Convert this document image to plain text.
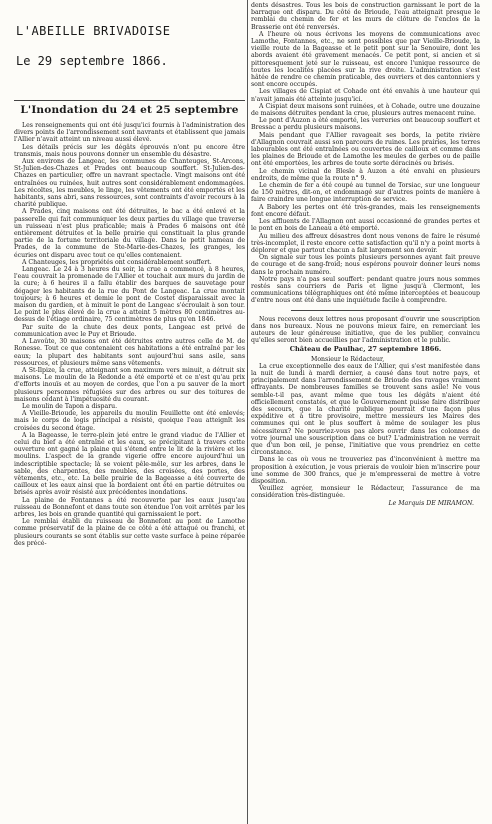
L'ABEILLE BRIVADOISE
Le 29 septembre 1866.
L'Inondation du 24 et 25 septembre

Les renseignements qui ont été jusqu'ici fournis à l'administration des divers points de l'arrondissement sont navrants et établissent que jamais l'Allier n'avait atteint un niveau aussi élevé.

Les détails précis sur les dégâts éprouvés n'ont pu encore être transmis, mais nous pouvons donner un ensemble du désastre.

Aux environs de Langeac, les communes de Chanteuges, St-Arcons, St-Julien-des-Chazes et Prades ont beaucoup souffert. St-Julien-des-Chazes en particulier, offre un navrant spectacle. Vingt maisons ont été entraînées ou ruinées, huit autres sont considérablement endommagées. Les récoltes, les meubles, le linge, les vêtements ont été emportés et les habitants, sans abri, sans ressources, sont contraints d'avoir recours à la charité publique.

A Prades, cinq maisons ont été détruites, le bac a été enlevé et la passerelle qui fait communiquer les deux parties du village que traverse un ruisseau n'est plus praticable; mais à Prades 6 maisons ont été entièrement détruites et la belle prairie qui constituait la plus grande partie de la fortune territoriale du village. Dans le petit hameau de Prades, de la commune de Ste-Marie-des-Chazes, les granges, les écuries ont disparu avec tout ce qu'elles contenaient.

A Chanteuges, les propriétés ont considérablement souffert.

Langeac. Le 24 à 3 heures du soir, la crue a commencé, à 8 heures, l'eau couvrait la promenade de l'Allier et touchait aux murs du jardin de la cure; à 6 heures il a fallu établir des barques de sauvetage pour dégager les habitants de la rue du Pont de Langeac. La crue montait toujours; à 6 heures et demie le pont de Costet disparaissait avec la maison du gardien, et à minuit le pont de Langeac s'écroulait à son tour. Le point le plus élevé de la crue a atteint 5 mètres 80 centimètres au-dessus de l'étiage ordinaire, 75 centimètres de plus qu'en 1846.

Par suite de la chute des deux ponts, Langeac est privé de communication avec le Puy et Brioude.

A Lavoûte, 30 maisons ont été détruites entre autres celle de M. de Ronesse. Tout ce que contenaient ces habitations a été entraîné par les eaux; la plupart des habitants sont aujourd'hui sans asile, sans ressources, et plusieurs même sans vêtements.

A St-Ilpize, la crue, atteignant son maximum vers minuit, a détruit six maisons. Le moulin de la Redonde a été emporté et ce n'est qu'au prix d'efforts inouïs et au moyen de cordes, que l'on a pu sauver de la mort plusieurs personnes réfugiées sur des arbres ou sur des toitures de maisons cédant à l'impétuosité du courant.

Le moulin de Tapon a disparu.

A Vieille-Brioude, les appareils du moulin Feuillette ont été enlevés; mais le corps de logis principal a résisté, quoique l'eau atteignît les croisées du second étage.

A la Bageasse, le terre-plein jeté entre le grand viaduc de l'Allier et celui du bief a été entraîné et les eaux, se précipitant à travers cette ouverture ont gagné la plaine qui s'étend entre le lit de la rivière et les moulins. L'aspect de la grande vigerie offre encore aujourd'hui un indescriptible spectacle; là se voient pêle-mêle, sur les arbres, dans le sable, des charpentes, des meubles, des croisées, des portes, des vêtements, etc., etc. La belle prairie de la Bageasse a été couverte de cailloux et les eaux ainsi que la bordaient ont été en partie détruites ou brisés après avoir résisté aux précédentes inondations.

La plaine de Fontannes a été recouverte par les eaux jusqu'au ruisseau de Bonnefont et dans toute son étendue l'on voit arrêtés par les arbres, les bois en grande quantité qui garnissaient le port.

Le remblai établi du ruisseau de Bonnefont au pont de Lamothe comme préservatif de la plaine de ce côté a été attaqué ou franchi, et plusieurs courants se sont établis sur cette vaste surface à peine réparée des précé-

dents désastres. Tous les bois de construction garnissant le port de la barraque ont disparu. Du côté de Brioude, l'eau atteignait presque le remblai du chemin de fer et les murs de clôture de l'enclos de la Brasserie ont été renversés.

A l'heure où nous écrivons les moyens de communications avec Lamothe, Fontannes, etc., ne sont possibles que par Vieille-Brioude, la vieille route de la Bageasse et le petit pont sur la Senouire, dont les abords avaient été gravement menacés. Ce petit pont, si ancien et si pittoresquement jeté sur le ruisseau, est encore l'unique ressource de toutes les localités placées sur la rive droite. L'administration s'est hâtée de rendre ce chemin praticable, des ouvriers et des cantonniers y sont encore occupés.

Les villages de Cispiat et Cohade ont été envahis à une hauteur qui n'avait jamais été atteinte jusqu'ici.

A Cispiat deux maisons sont ruinées, et à Cohade, outre une douzaine de maisons détruites pendant la crue, plusieurs autres menacent ruine.

Le pont d'Auzon a été emporté, les verreries ont beaucoup souffert et Bressac a perdu plusieurs maisons.

Mais pendant que l'Allier ravageait ses bords, la petite rivière d'Allagnon couvrait aussi son parcours de ruines. Les prairies, les terres labourables ont été entraînées ou couvertes de cailloux et comme dans les plaines de Brioude et de Lamothe les meules de gerbes ou de paille ont été emportées, les arbres de toute sorte déracinés ou brisés.

Le chemin vicinal de Blesle à Auzon a été envahi en plusieurs endroits, de même que la route n° 9.

Le chemin de fer a été coupé au tunnel de Torsiac, sur une longueur de 150 mètres, dit-on, et endommagé sur d'autres points de manière à faire craindre une longue interruption de service.

A Babory les pertes ont été très-grandes, mais les renseignements font encore défaut.

Les affluents de l'Allagnon ont aussi occasionné de grandes pertes et le pont en bois de Laneau a été emporté.

Au milieu des affreux désastres dont nous venons de faire le résumé très-incomplet, il reste encore cette satisfaction qu'il n'y a point morts à déplorer et que partout chacun a fait largement son devoir.

On signale sur tous les points plusieurs personnes ayant fait preuve de courage et de sang-froid; nous espérons pouvoir donner leurs noms dans le prochain numéro.

Notre pays n'a pas seul souffert: pendant quatre jours nous sommes restés sans courriers de Paris et ligne jusqu'à Clermont, les communications télégraphiques ont été même interceptées et beaucoup d'entre nous ont été dans une inquiétude facile à comprendre.

Nous recevons deux lettres nous proposant d'ouvrir une souscription dans nos bureaux. Nous ne pouvons mieux faire, en remerciant les auteurs de leur généreuse initiative, que de les publier, convaincu qu'elles seront bien accueillies par l'administration et le public.

Château de Paulhac, 27 septembre 1866.

Monsieur le Rédacteur,

La crue exceptionnelle des eaux de l'Allier, qui s'est manifestée dans la nuit de lundi à mardi dernier, a causé dans tout notre pays, et principalement dans l'arrondissement de Brioude des ravages vraiment effrayants. De nombreuses familles se trouvent sans asile! Ne vous semble-t-il pas, avant même que tous les dégâts n'aient été officiellement constatés, et que le Gouvernement puisse faire distribuer des secours, que la charité publique pourrait d'une façon plus expéditive et à titre provisoire, mettre messieurs les Maires des communes qui ont le plus souffert à même de soulager les plus nécessiteux? Ne pourriez-vous pas alors ouvrir dans les colonnes de votre journal une souscription dans ce but? L'administration ne verrait que d'un bon œil, je pense, l'initiative que vous prendriez en cette circonstance.

Dans le cas où vous ne trouveriez pas d'inconvénient à mettre ma proposition à exécution, je vous prierais de vouloir bien m'inscrire pour une somme de 300 francs, que je m'empresserai de mettre à votre disposition.

Veuillez agréer, monsieur le Rédacteur, l'assurance de ma considération très-distinguée.

Le Marquis DE MIRAMON.
